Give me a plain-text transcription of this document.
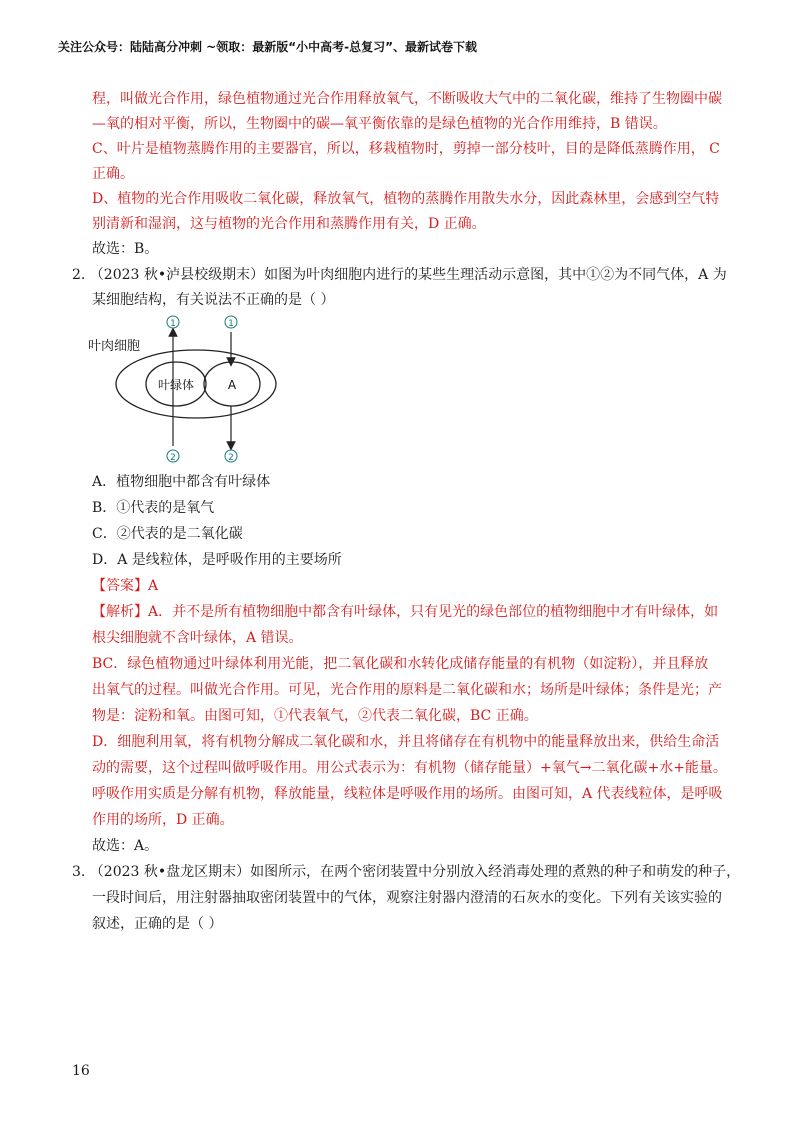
关注公众号：陆陆高分冲刺 ~领取：最新版“小中高考-总复习”、最新试卷下载
程，叫做光合作用，绿色植物通过光合作用释放氧气，不断吸收大气中的二氧化碳，维持了生物圈中碳
—氧的相对平衡，所以，生物圈中的碳—氧平衡依靠的是绿色植物的光合作用维持，B 错误。
C、叶片是植物蒸腾作用的主要器官，所以，移栽植物时，剪掉一部分枝叶，目的是降低蒸腾作用， C
正确。
D、植物的光合作用吸收二氧化碳，释放氧气，植物的蒸腾作用散失水分，因此森林里，会感到空气特
别清新和湿润，这与植物的光合作用和蒸腾作用有关，D 正确。
故选：B。
2. （2023 秋•泸县校级期末）如图为叶肉细胞内进行的某些生理活动示意图，其中①②为不同气体，A 为
某细胞结构，有关说法不正确的是（ ）
叶肉细胞
叶绿体	A
1	1
2	2
A．植物细胞中都含有叶绿体
B．①代表的是氧气
C．②代表的是二氧化碳
D．A 是线粒体，是呼吸作用的主要场所
【答案】A
【解析】A．并不是所有植物细胞中都含有叶绿体，只有见光的绿色部位的植物细胞中才有叶绿体，如
根尖细胞就不含叶绿体，A 错误。
BC．绿色植物通过叶绿体利用光能，把二氧化碳和水转化成储存能量的有机物（如淀粉），并且释放
出氧气的过程。叫做光合作用。可见，光合作用的原料是二氧化碳和水；场所是叶绿体；条件是光；产
物是：淀粉和氧。由图可知，①代表氧气，②代表二氧化碳，BC 正确。
D．细胞利用氧，将有机物分解成二氧化碳和水，并且将储存在有机物中的能量释放出来，供给生命活
动的需要，这个过程叫做呼吸作用。用公式表示为：有机物（储存能量）+氧气→二氧化碳+水+能量。
呼吸作用实质是分解有机物，释放能量，线粒体是呼吸作用的场所。由图可知，A 代表线粒体，是呼吸
作用的场所，D 正确。
故选：A。
3. （2023 秋•盘龙区期末）如图所示，在两个密闭装置中分别放入经消毒处理的煮熟的种子和萌发的种子，
一段时间后，用注射器抽取密闭装置中的气体，观察注射器内澄清的石灰水的变化。下列有关该实验的
叙述，正确的是（ ）
16
